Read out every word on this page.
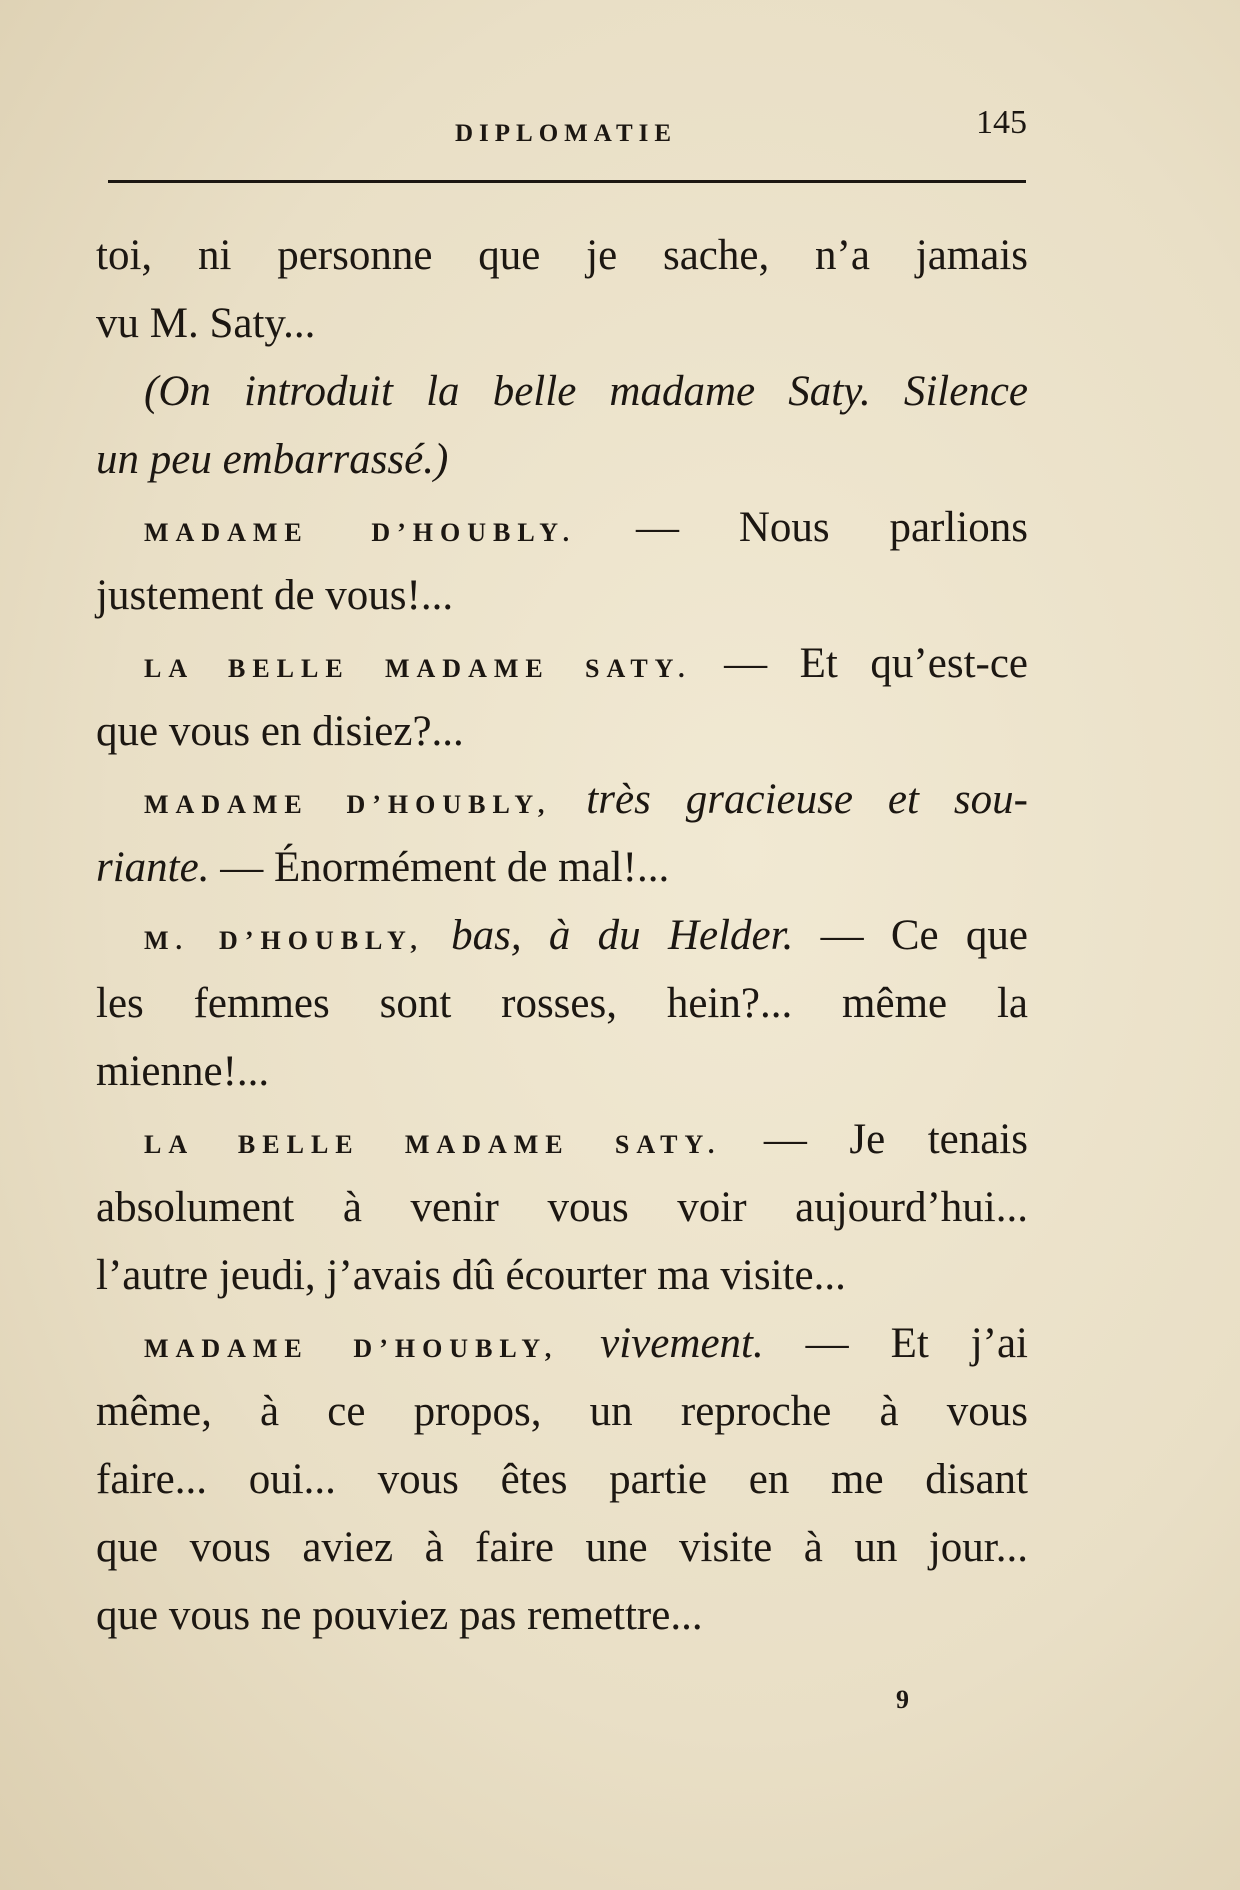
DIPLOMATIE	145
toi, ni personne que je sache, n’a jamais
vu M. Saty...
(On introduit la belle madame Saty. Silence
un peu embarrassé.)
MADAME D’HOUBLY. — Nous parlions
justement de vous!...
LA BELLE MADAME SATY. — Et qu’est-ce
que vous en disiez?...
MADAME D’HOUBLY, très gracieuse et sou-
riante. — Énormément de mal!...
M. D’HOUBLY, bas, à du Helder. — Ce que
les femmes sont rosses, hein?... même la
mienne!...
LA BELLE MADAME SATY. — Je tenais
absolument à venir vous voir aujourd’hui...
l’autre jeudi, j’avais dû écourter ma visite...
MADAME D’HOUBLY, vivement. — Et j’ai
même, à ce propos, un reproche à vous
faire... oui... vous êtes partie en me disant
que vous aviez à faire une visite à un jour...
que vous ne pouviez pas remettre...
9
